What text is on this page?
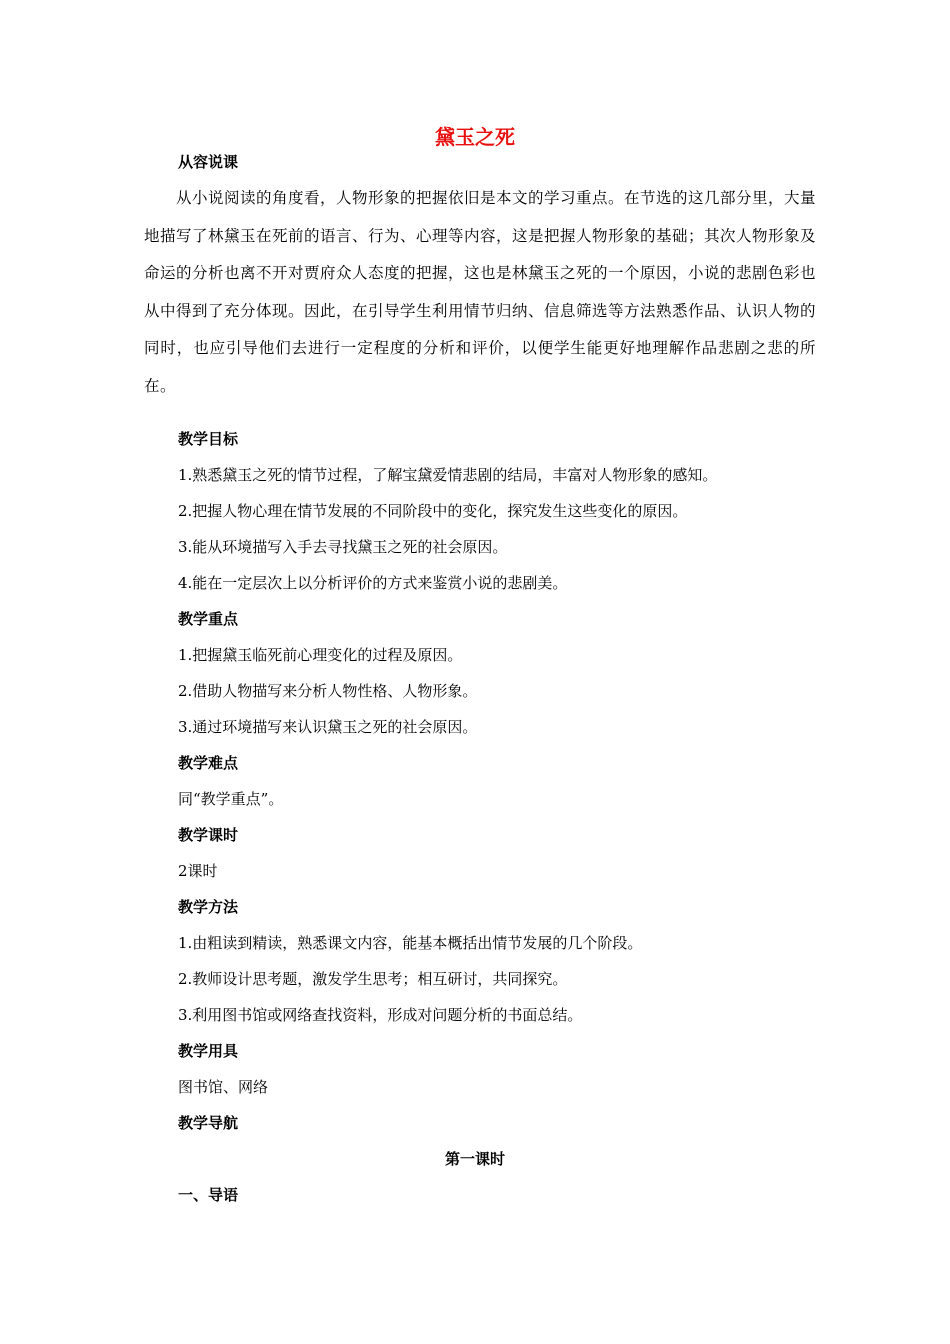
黛玉之死
从容说课

从小说阅读的角度看，人物形象的把握依旧是本文的学习重点。在节选的这几部分里，大量地描写了林黛玉在死前的语言、行为、心理等内容，这是把握人物形象的基础；其次人物形象及命运的分析也离不开对贾府众人态度的把握，这也是林黛玉之死的一个原因，小说的悲剧色彩也从中得到了充分体现。因此，在引导学生利用情节归纳、信息筛选等方法熟悉作品、认识人物的同时，也应引导他们去进行一定程度的分析和评价，以便学生能更好地理解作品悲剧之悲的所在。

教学目标
1.熟悉黛玉之死的情节过程，了解宝黛爱情悲剧的结局，丰富对人物形象的感知。
2.把握人物心理在情节发展的不同阶段中的变化，探究发生这些变化的原因。
3.能从环境描写入手去寻找黛玉之死的社会原因。
4.能在一定层次上以分析评价的方式来鉴赏小说的悲剧美。
教学重点
1.把握黛玉临死前心理变化的过程及原因。
2.借助人物描写来分析人物性格、人物形象。
3.通过环境描写来认识黛玉之死的社会原因。
教学难点
同“教学重点”。
教学课时
2课时
教学方法
1.由粗读到精读，熟悉课文内容，能基本概括出情节发展的几个阶段。
2.教师设计思考题，激发学生思考；相互研讨，共同探究。
3.利用图书馆或网络查找资料，形成对问题分析的书面总结。
教学用具
图书馆、网络
教学导航
第一课时
一、导语
